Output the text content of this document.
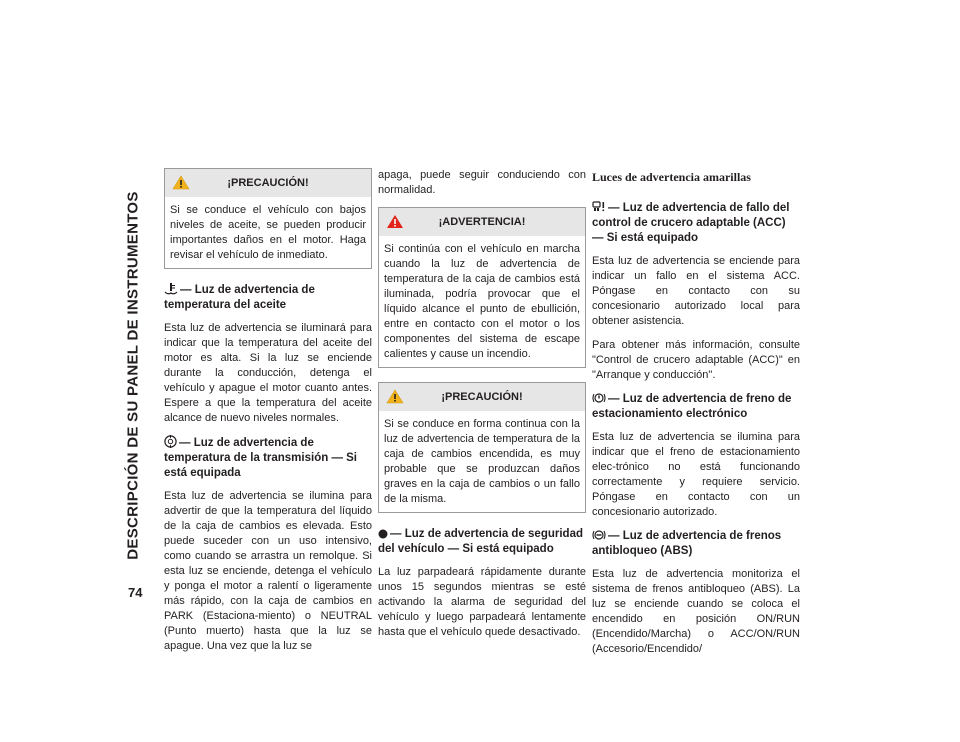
DESCRIPCIÓN DE SU PANEL DE INSTRUMENTOS
74
¡PRECAUCIÓN!

Si se conduce el vehículo con bajos niveles de aceite, se pueden producir importantes daños en el motor. Haga revisar el vehículo de inmediato.

— Luz de advertencia de temperatura del aceite

Esta luz de advertencia se iluminará para indicar que la temperatura del aceite del motor es alta. Si la luz se enciende durante la conducción, detenga el vehículo y apague el motor cuanto antes. Espere a que la temperatura del aceite alcance de nuevo niveles normales.

— Luz de advertencia de temperatura de la transmisión — Si está equipada

Esta luz de advertencia se ilumina para advertir de que la temperatura del líquido de la caja de cambios es elevada. Esto puede suceder con un uso intensivo, como cuando se arrastra un remolque. Si esta luz se enciende, detenga el vehículo y ponga el motor a ralentí o ligeramente más rápido, con la caja de cambios en PARK (Estaciona-miento) o NEUTRAL (Punto muerto) hasta que la luz se apague. Una vez que la luz se

apaga, puede seguir conduciendo con normalidad.

¡ADVERTENCIA!

Si continúa con el vehículo en marcha cuando la luz de advertencia de temperatura de la caja de cambios está iluminada, podría provocar que el líquido alcance el punto de ebullición, entre en contacto con el motor o los componentes del sistema de escape calientes y cause un incendio.

¡PRECAUCIÓN!

Si se conduce en forma continua con la luz de advertencia de temperatura de la caja de cambios encendida, es muy probable que se produzcan daños graves en la caja de cambios o un fallo de la misma.

— Luz de advertencia de seguridad del vehículo — Si está equipado

La luz parpadeará rápidamente durante unos 15 segundos mientras se esté activando la alarma de seguridad del vehículo y luego parpadeará lentamente hasta que el vehículo quede desactivado.

Luces de advertencia amarillas
— Luz de advertencia de fallo del control de crucero adaptable (ACC) — Si está equipado

Esta luz de advertencia se enciende para indicar un fallo en el sistema ACC. Póngase en contacto con su concesionario autorizado local para obtener asistencia.

Para obtener más información, consulte "Control de crucero adaptable (ACC)" en "Arranque y conducción".

— Luz de advertencia de freno de estacionamiento electrónico

Esta luz de advertencia se ilumina para indicar que el freno de estacionamiento elec-trónico no está funcionando correctamente y requiere servicio. Póngase en contacto con un concesionario autorizado.

— Luz de advertencia de frenos antibloqueo (ABS)

Esta luz de advertencia monitoriza el sistema de frenos antibloqueo (ABS). La luz se enciende cuando se coloca el encendido en posición ON/RUN (Encendido/Marcha) o ACC/ON/RUN (Accesorio/Encendido/
